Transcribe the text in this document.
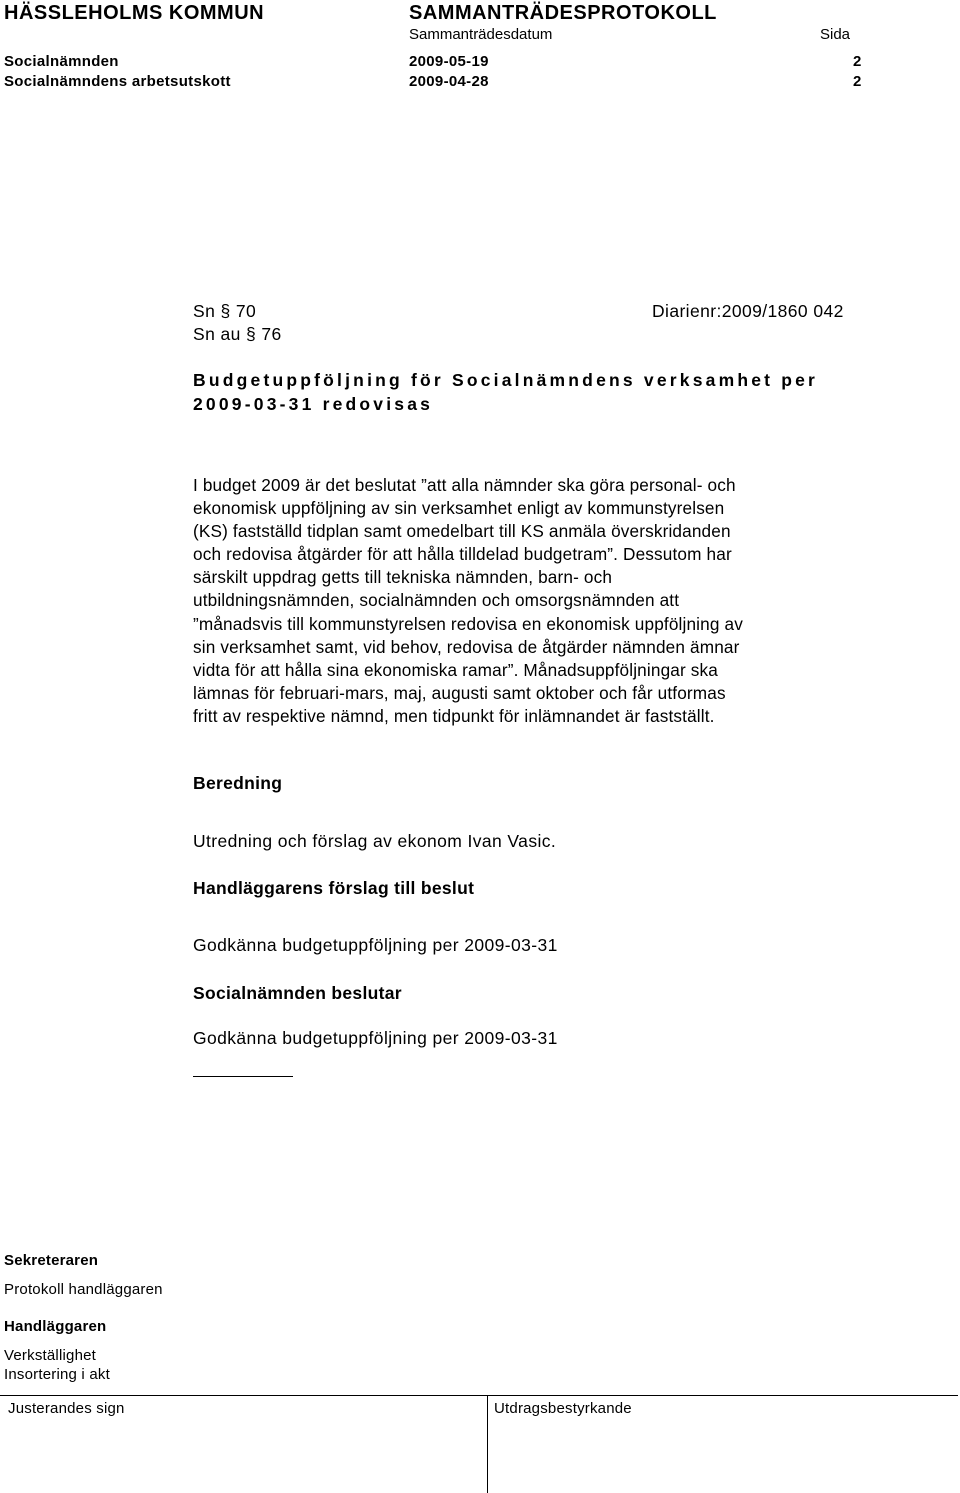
HÄSSLEHOLMS KOMMUN	SAMMANTRÄDESPROTOKOLL
Sammanträdesdatum	Sida
Socialnämnden	2009-05-19	2
Socialnämndens arbetsutskott	2009-04-28	2
Sn § 70	Diarienr:2009/1860 042
Sn au § 76
Budgetuppföljning för Socialnämndens verksamhet per
2009-03-31 redovisas
I budget 2009 är det beslutat ”att alla nämnder ska göra personal- och
ekonomisk uppföljning av sin verksamhet enligt av kommunstyrelsen
(KS) fastställd tidplan samt omedelbart till KS anmäla överskridanden
och redovisa åtgärder för att hålla tilldelad budgetram”. Dessutom har
särskilt uppdrag getts till tekniska nämnden, barn- och
utbildningsnämnden, socialnämnden och omsorgsnämnden att
”månadsvis till kommunstyrelsen redovisa en ekonomisk uppföljning av
sin verksamhet samt, vid behov, redovisa de åtgärder nämnden ämnar
vidta för att hålla sina ekonomiska ramar”. Månadsuppföljningar ska
lämnas för februari-mars, maj, augusti samt oktober och får utformas
fritt av respektive nämnd, men tidpunkt för inlämnandet är fastställt.
Beredning
Utredning och förslag av ekonom Ivan Vasic.
Handläggarens förslag till beslut
Godkänna budgetuppföljning per 2009-03-31
Socialnämnden beslutar
Godkänna budgetuppföljning per 2009-03-31
Sekreteraren
Protokoll handläggaren
Handläggaren
Verkställighet
Insortering i akt
Justerandes sign	Utdragsbestyrkande
